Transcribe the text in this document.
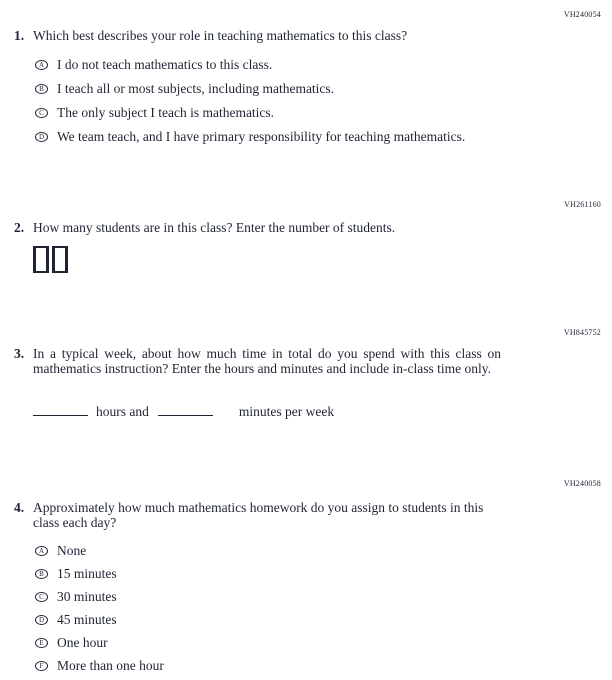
VH240054
1. Which best describes your role in teaching mathematics to this class?
A I do not teach mathematics to this class.
B I teach all or most subjects, including mathematics.
C The only subject I teach is mathematics.
D We team teach, and I have primary responsibility for teaching mathematics.
VH261160
2. How many students are in this class? Enter the number of students.
VH845752
3. In a typical week, about how much time in total do you spend with this class on mathematics instruction? Enter the hours and minutes and include in-class time only.
hours and	minutes per week
VH240058
4. Approximately how much mathematics homework do you assign to students in this class each day?
A None
B 15 minutes
C 30 minutes
D 45 minutes
E One hour
F	More than one hour
